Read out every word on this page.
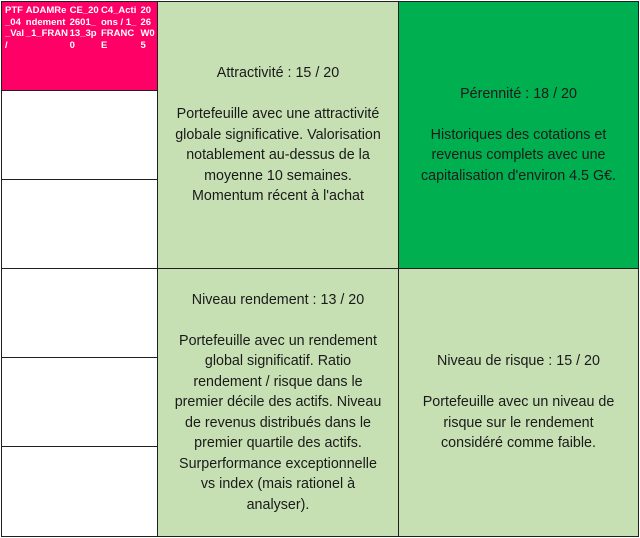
PTF_04_Val /
ADAMRendement_1_FRAN
CE_202601_13_3p0
C4_Actions / 1_FRANCE
2026W05
Attractivité : 15 / 20
Portefeuille avec une attractivité
globale significative. Valorisation
notablement au-dessus de la
moyenne 10 semaines.
Momentum récent à l'achat
Pérennité : 18 / 20
Historiques des cotations et
revenus complets avec une
capitalisation d'environ 4.5 G€.
Niveau rendement : 13 / 20
Portefeuille avec un rendement
global significatif. Ratio
rendement / risque dans le
premier décile des actifs. Niveau
de revenus distribués dans le
premier quartile des actifs.
Surperformance exceptionnelle
vs index (mais rationel à
analyser).
Niveau de risque : 15 / 20
Portefeuille avec un niveau de
risque sur le rendement
considéré comme faible.
